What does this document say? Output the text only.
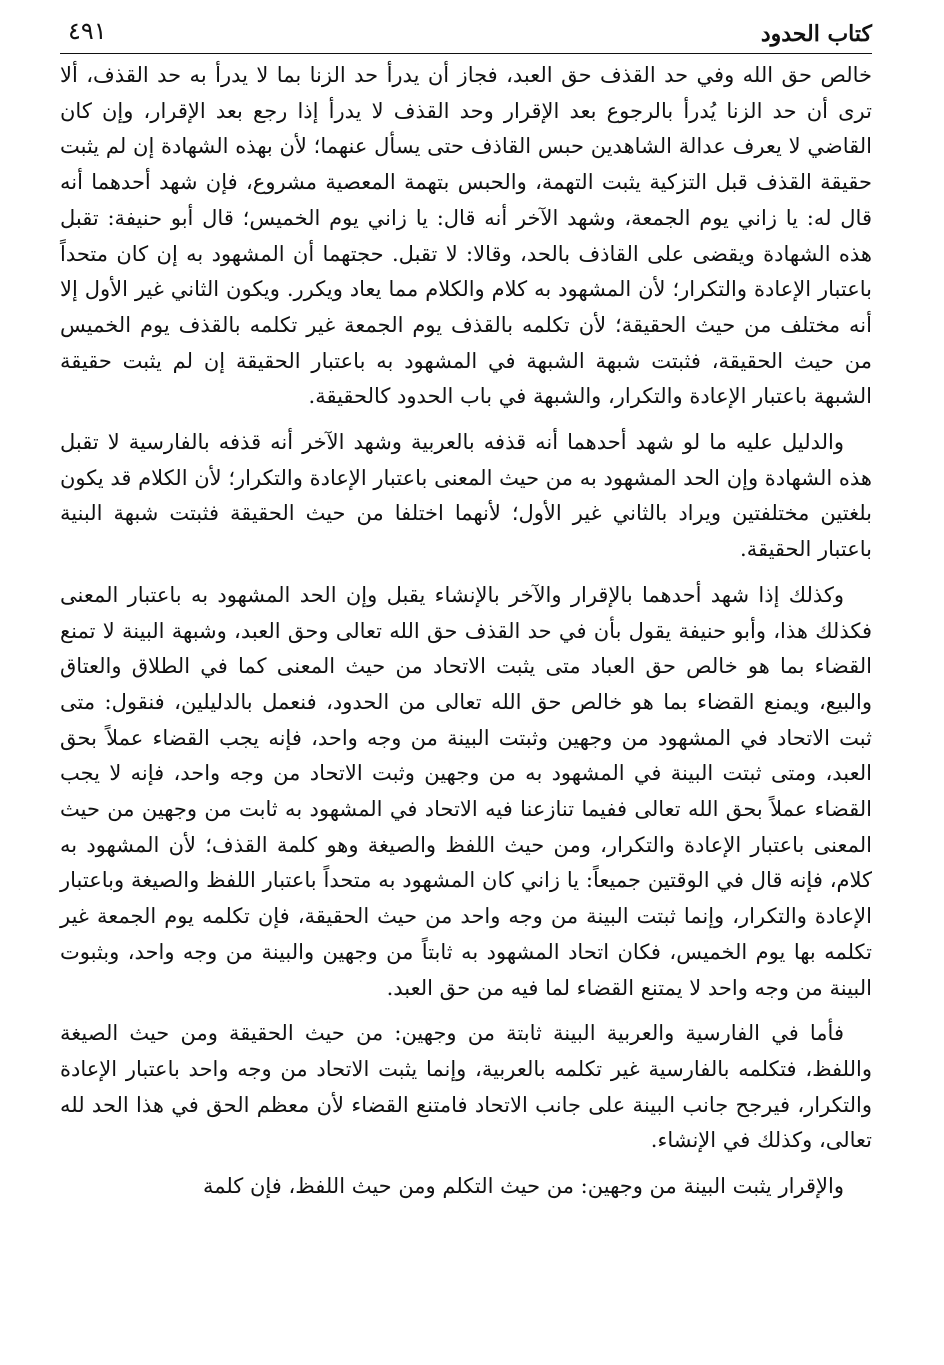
كتاب الحدود
٤٩١

خالص حق الله وفي حد القذف حق العبد، فجاز أن يدرأ حد الزنا بما لا يدرأ به حد القذف، ألا ترى أن حد الزنا يُدرأ بالرجوع بعد الإقرار وحد القذف لا يدرأ إذا رجع بعد الإقرار، وإن كان القاضي لا يعرف عدالة الشاهدين حبس القاذف حتى يسأل عنهما؛ لأن بهذه الشهادة إن لم يثبت حقيقة القذف قبل التزكية يثبت التهمة، والحبس بتهمة المعصية مشروع، فإن شهد أحدهما أنه قال له: يا زاني يوم الجمعة، وشهد الآخر أنه قال: يا زاني يوم الخميس؛ قال أبو حنيفة: تقبل هذه الشهادة ويقضى على القاذف بالحد، وقالا: لا تقبل. حجتهما أن المشهود به إن كان متحداً باعتبار الإعادة والتكرار؛ لأن المشهود به كلام والكلام مما يعاد ويكرر. ويكون الثاني غير الأول إلا أنه مختلف من حيث الحقيقة؛ لأن تكلمه بالقذف يوم الجمعة غير تكلمه بالقذف يوم الخميس من حيث الحقيقة، فثبتت شبهة الشبهة في المشهود به باعتبار الحقيقة إن لم يثبت حقيقة الشبهة باعتبار الإعادة والتكرار، والشبهة في باب الحدود كالحقيقة.

والدليل عليه ما لو شهد أحدهما أنه قذفه بالعربية وشهد الآخر أنه قذفه بالفارسية لا تقبل هذه الشهادة وإن الحد المشهود به من حيث المعنى باعتبار الإعادة والتكرار؛ لأن الكلام قد يكون بلغتين مختلفتين ويراد بالثاني غير الأول؛ لأنهما اختلفا من حيث الحقيقة فثبتت شبهة البنية باعتبار الحقيقة.

وكذلك إذا شهد أحدهما بالإقرار والآخر بالإنشاء يقبل وإن الحد المشهود به باعتبار المعنى فكذلك هذا، وأبو حنيفة يقول بأن في حد القذف حق الله تعالى وحق العبد، وشبهة البينة لا تمنع القضاء بما هو خالص حق العباد متى يثبت الاتحاد من حيث المعنى كما في الطلاق والعتاق والبيع، ويمنع القضاء بما هو خالص حق الله تعالى من الحدود، فنعمل بالدليلين، فنقول: متى ثبت الاتحاد في المشهود من وجهين وثبتت البينة من وجه واحد، فإنه يجب القضاء عملاً بحق العبد، ومتى ثبتت البينة في المشهود به من وجهين وثبت الاتحاد من وجه واحد، فإنه لا يجب القضاء عملاً بحق الله تعالى ففيما تنازعنا فيه الاتحاد في المشهود به ثابت من وجهين من حيث المعنى باعتبار الإعادة والتكرار، ومن حيث اللفظ والصيغة وهو كلمة القذف؛ لأن المشهود به كلام، فإنه قال في الوقتين جميعاً: يا زاني كان المشهود به متحداً باعتبار اللفظ والصيغة وباعتبار الإعادة والتكرار، وإنما ثبتت البينة من وجه واحد من حيث الحقيقة، فإن تكلمه يوم الجمعة غير تكلمه بها يوم الخميس، فكان اتحاد المشهود به ثابتاً من وجهين والبينة من وجه واحد، وبثبوت البينة من وجه واحد لا يمتنع القضاء لما فيه من حق العبد.

فأما في الفارسية والعربية البينة ثابتة من وجهين: من حيث الحقيقة ومن حيث الصيغة واللفظ، فتكلمه بالفارسية غير تكلمه بالعربية، وإنما يثبت الاتحاد من وجه واحد باعتبار الإعادة والتكرار، فيرجح جانب البينة على جانب الاتحاد فامتنع القضاء لأن معظم الحق في هذا الحد لله تعالى، وكذلك في الإنشاء.

والإقرار يثبت البينة من وجهين: من حيث التكلم ومن حيث اللفظ، فإن كلمة
